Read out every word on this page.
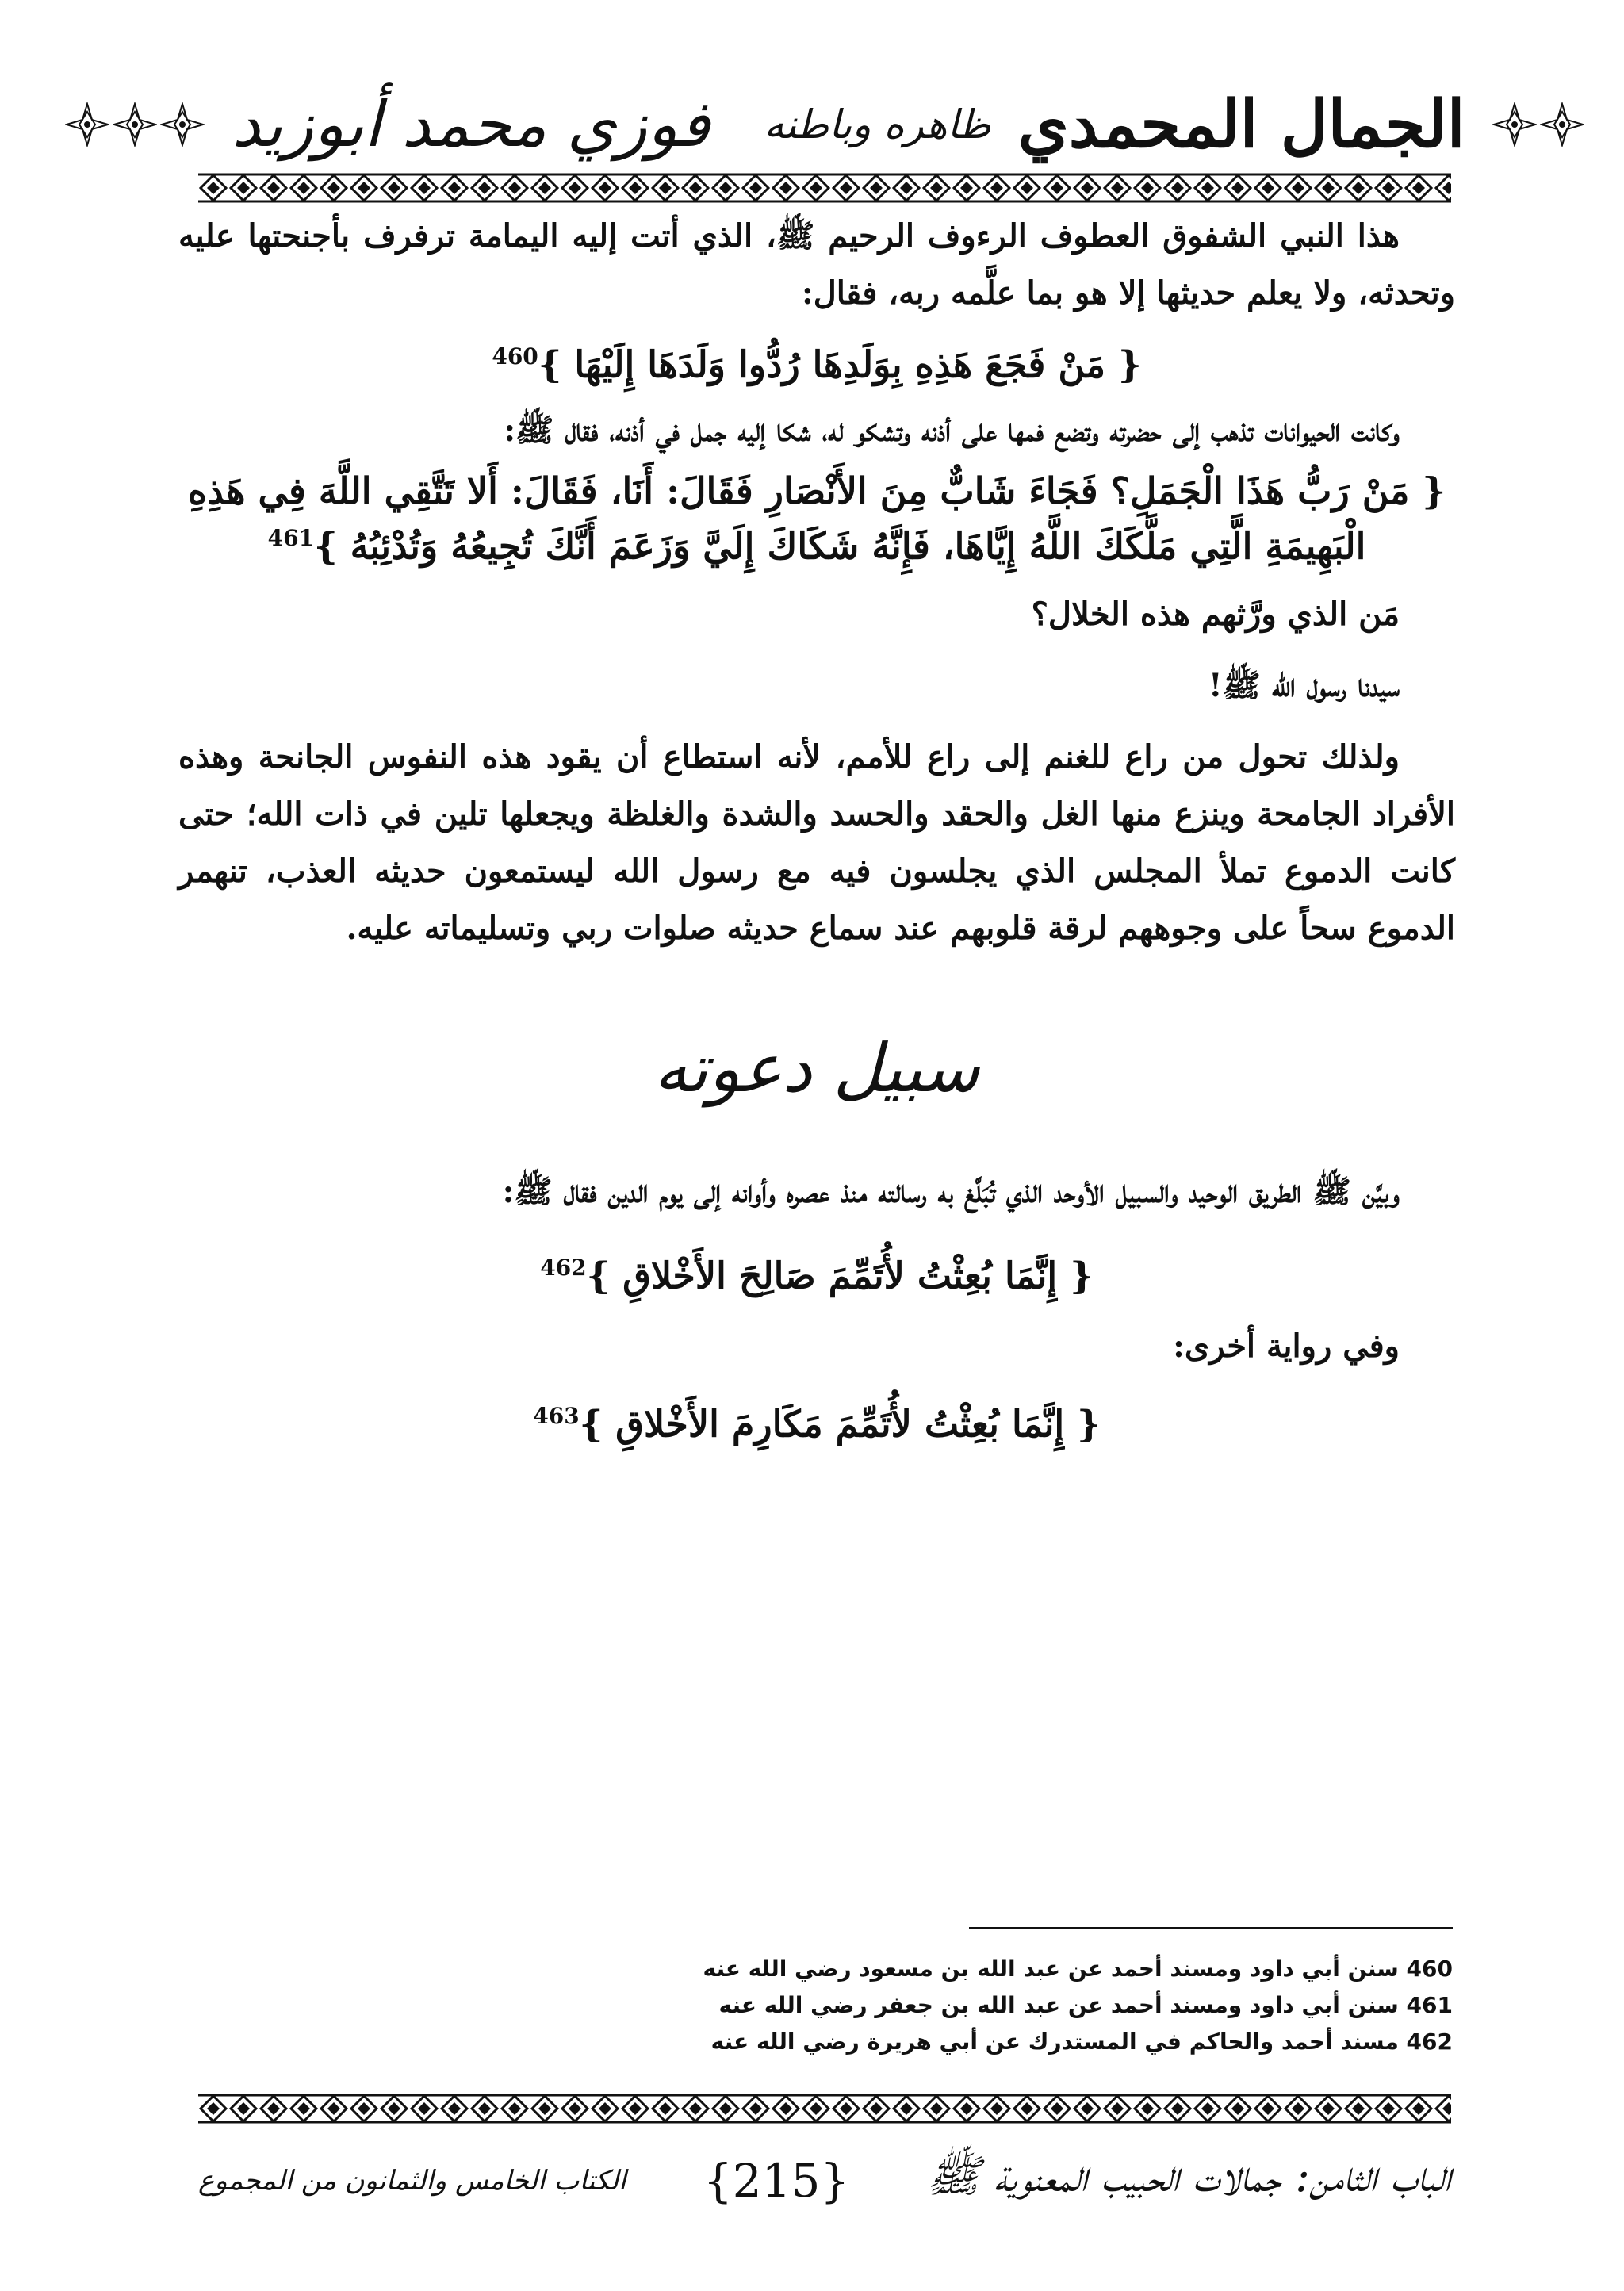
الجمال المحمدي
ظاهره وباطنه
فوزي محمد أبوزيد

هذا النبي الشفوق العطوف الرءوف الرحيم ﷺ، الذي أتت إليه اليمامة ترفرف بأجنحتها عليه وتحدثه، ولا يعلم حديثها إلا هو بما علَّمه ربه، فقال:

{ مَنْ فَجَعَ هَذِهِ بِوَلَدِهَا رُدُّوا وَلَدَهَا إِلَيْهَا }$^{460}$

وكانت الحيوانات تذهب إلى حضرته وتضع فمها على أذنه وتشكو له، شكا إليه جمل في أذنه، فقال ﷺ:

{ مَنْ رَبُّ هَذَا الْجَمَلِ؟ فَجَاءَ شَابٌّ مِنَ الأَنْصَارِ فَقَالَ: أَنَا، فَقَالَ: أَلا تَتَّقِي اللَّهَ فِي هَذِهِ الْبَهِيمَةِ الَّتِي مَلَّكَكَ اللَّهُ إِيَّاهَا، فَإِنَّهُ شَكَاكَ إِلَيَّ وَزَعَمَ أَنَّكَ تُجِيعُهُ وَتُدْئِبُهُ }$^{461}$

مَن الذي ورَّثهم هذه الخلال؟

سيدنا رسول الله ﷺ!

ولذلك تحول من راع للغنم إلى راع للأمم، لأنه استطاع أن يقود هذه النفوس الجانحة وهذه الأفراد الجامحة وينزع منها الغل والحقد والحسد والشدة والغلظة ويجعلها تلين في ذات الله؛ حتى كانت الدموع تملأ المجلس الذي يجلسون فيه مع رسول الله ليستمعون حديثه العذب، تنهمر الدموع سحاً على وجوههم لرقة قلوبهم عند سماع حديثه صلوات ربي وتسليماته عليه.

سبيل دعوته

وبيَّن ﷺ الطريق الوحيد والسبيل الأوحد الذي تُبَلَّغ به رسالته منذ عصره وأوانه إلى يوم الدين فقال ﷺ:

{ إِنَّمَا بُعِثْتُ لأُتَمِّمَ صَالِحَ الأَخْلاقِ }$^{462}$

وفي رواية أخرى:

{ إِنَّمَا بُعِثْتُ لأُتَمِّمَ مَكَارِمَ الأَخْلاقِ }$^{463}$

460 سنن أبي داود ومسند أحمد عن عبد الله بن مسعود رضي الله عنه

461 سنن أبي داود ومسند أحمد عن عبد الله بن جعفر رضي الله عنه

462 مسند أحمد والحاكم في المستدرك عن أبي هريرة رضي الله عنه

الباب الثامن: جمالات الحبيب المعنوية ﷺ
{215}
الكتاب الخامس والثمانون من المجموع
